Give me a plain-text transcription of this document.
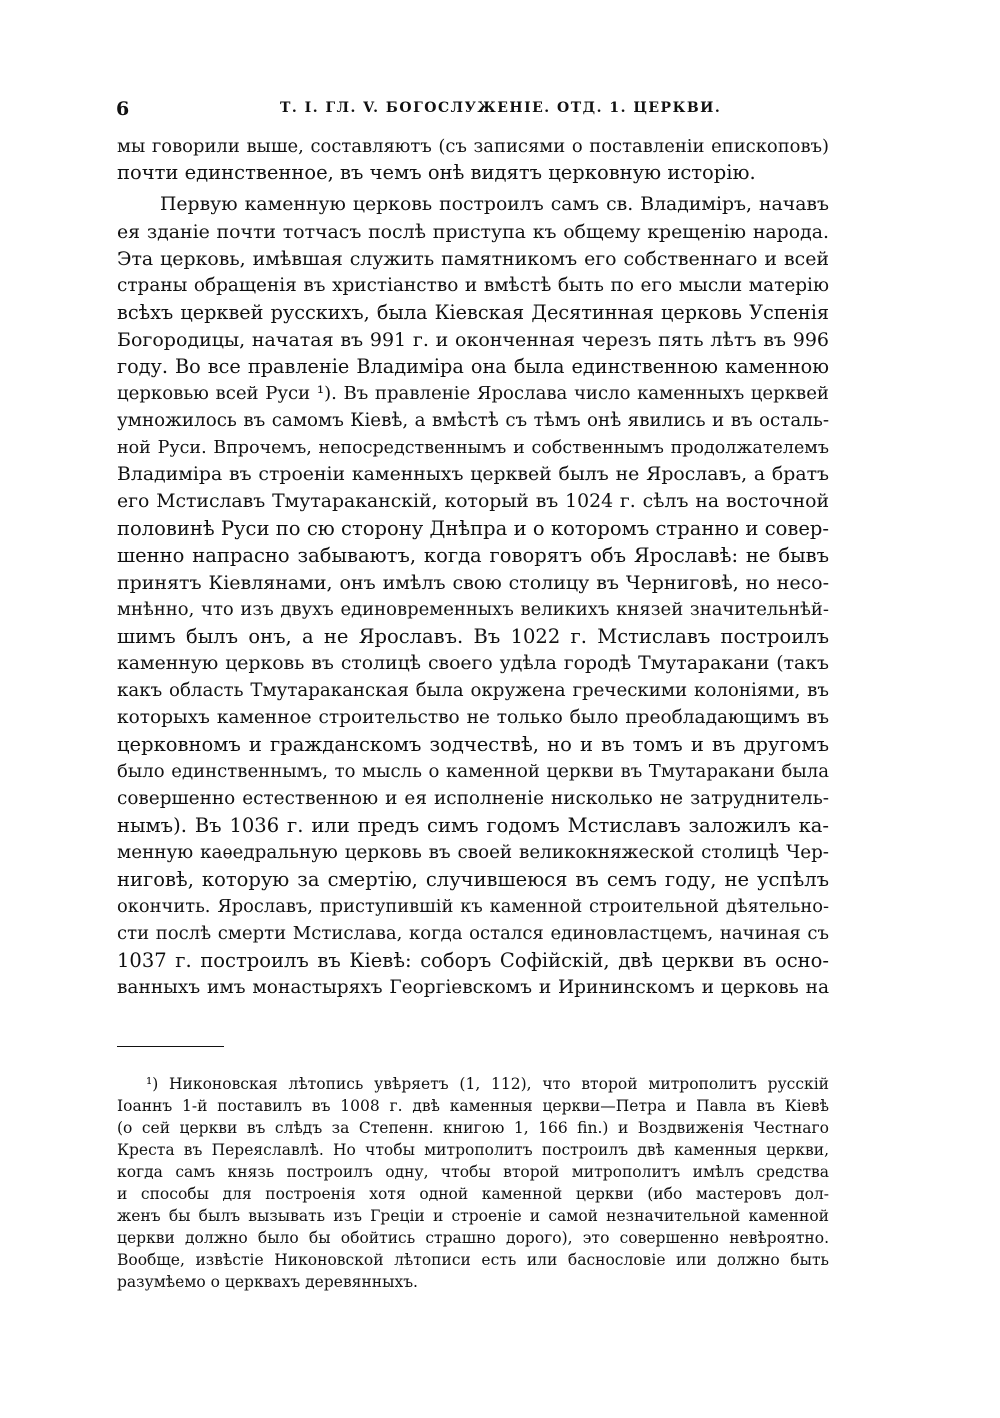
6	Т. I. ГЛ. V. БОГОСЛУЖЕНІЕ. ОТД. 1. ЦЕРКВИ.
мы говорили выше, составляютъ (съ записями о поставленіи епископовъ)
почти единственное, въ чемъ онѣ видятъ церковную исторію.
Первую каменную церковь построилъ самъ св. Владиміръ, начавъ
ея зданіе почти тотчасъ послѣ приступа къ общему крещенію народа.
Эта церковь, имѣвшая служить памятникомъ его собственнаго и всей
страны обращенія въ христіанство и вмѣстѣ быть по его мысли матерію
всѣхъ церквей русскихъ, была Кіевская Десятинная церковь Успенія
Богородицы, начатая въ 991 г. и оконченная черезъ пять лѣтъ въ 996
году. Во все правленіе Владиміра она была единственною каменною
церковью всей Руси ¹). Въ правленіе Ярослава число каменныхъ церквей
умножилось въ самомъ Кіевѣ, а вмѣстѣ съ тѣмъ онѣ явились и въ осталь-
ной Руси. Впрочемъ, непосредственнымъ и собственнымъ продолжателемъ
Владиміра въ строеніи каменныхъ церквей былъ не Ярославъ, а братъ
его Мстиславъ Тмутараканскій, который въ 1024 г. сѣлъ на восточной
половинѣ Руси по сю сторону Днѣпра и о которомъ странно и совер-
шенно напрасно забываютъ, когда говорятъ объ Ярославѣ: не бывъ
принятъ Кіевлянами, онъ имѣлъ свою столицу въ Черниговѣ, но несо-
мнѣнно, что изъ двухъ единовременныхъ великихъ князей значительнѣй-
шимъ былъ онъ, а не Ярославъ. Въ 1022 г. Мстиславъ построилъ
каменную церковь въ столицѣ своего удѣла городѣ Тмутаракани (такъ
какъ область Тмутараканская была окружена греческими колоніями, въ
которыхъ каменное строительство не только было преобладающимъ въ
церковномъ и гражданскомъ зодчествѣ, но и въ томъ и въ другомъ
было единственнымъ, то мысль о каменной церкви въ Тмутаракани была
совершенно естественною и ея исполненіе нисколько не затруднитель-
нымъ). Въ 1036 г. или предъ симъ годомъ Мстиславъ заложилъ ка-
менную каѳедральную церковь въ своей великокняжеской столицѣ Чер-
ниговѣ, которую за смертію, случившеюся въ семъ году, не успѣлъ
окончить. Ярославъ, приступившій къ каменной строительной дѣятельно-
сти послѣ смерти Мстислава, когда остался единовластцемъ, начиная съ
1037 г. построилъ въ Кіевѣ: соборъ Софійскій, двѣ церкви въ осно-
ванныхъ имъ монастыряхъ Георгіевскомъ и Ирининскомъ и церковь на
¹) Никоновская лѣтопись увѣряетъ (1, 112), что второй митрополитъ русскій
Іоаннъ 1-й поставилъ въ 1008 г. двѣ каменныя церкви—Петра и Павла въ Кіевѣ
(о сей церкви въ слѣдъ за Степенн. книгою 1, 166 fin.) и Воздвиженія Честнаго
Креста въ Переяславлѣ. Но чтобы митрополитъ построилъ двѣ каменныя церкви,
когда самъ князь построилъ одну, чтобы второй митрополитъ имѣлъ средства
и способы для построенія хотя одной каменной церкви (ибо мастеровъ дол-
женъ бы былъ вызывать изъ Греціи и строеніе и самой незначительной каменной
церкви должно было бы обойтись страшно дорого), это совершенно невѣроятно.
Вообще, извѣстіе Никоновской лѣтописи есть или баснословіе или должно быть
разумѣемо о церквахъ деревянныхъ.
